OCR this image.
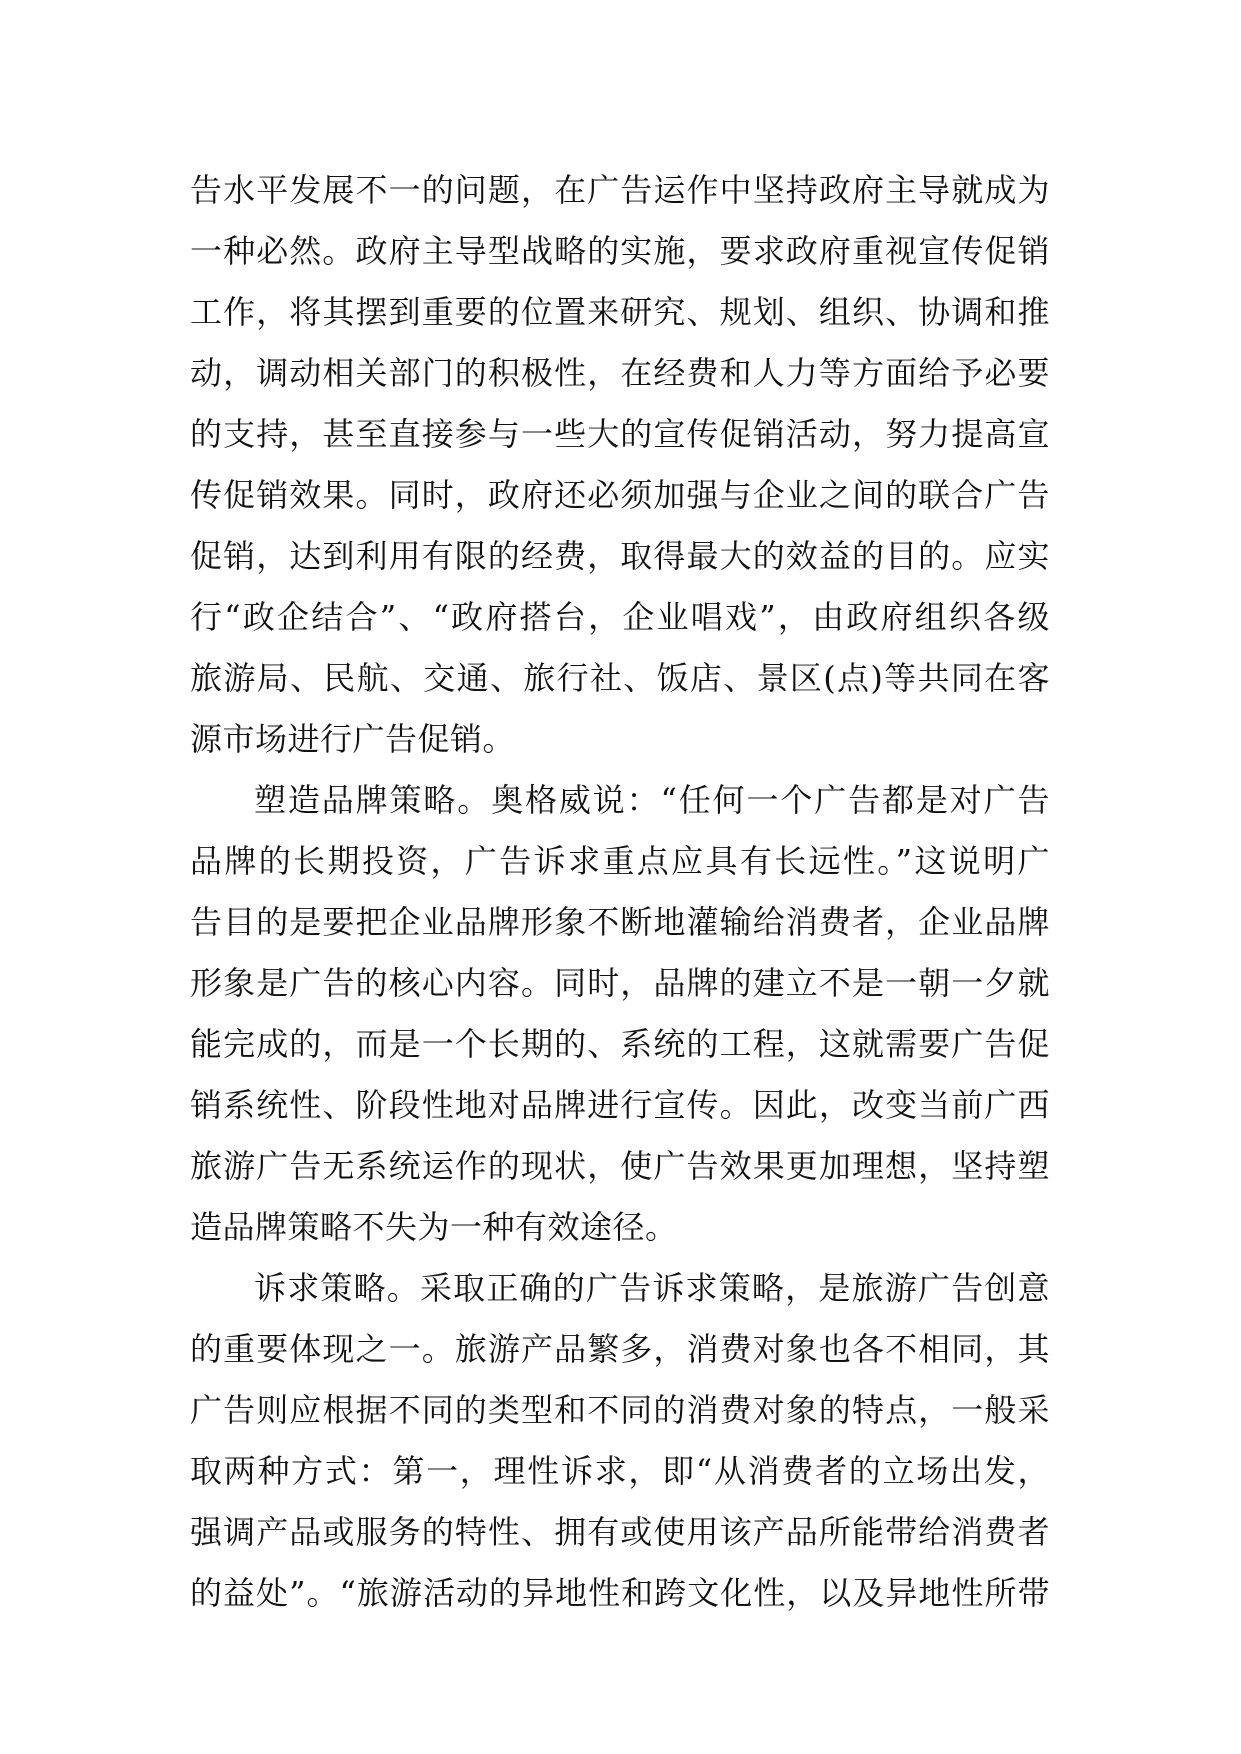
告水平发展不一的问题，在广告运作中坚持政府主导就成为
一种必然。政府主导型战略的实施，要求政府重视宣传促销
工作，将其摆到重要的位置来研究、规划、组织、协调和推
动，调动相关部门的积极性，在经费和人力等方面给予必要
的支持，甚至直接参与一些大的宣传促销活动，努力提高宣
传促销效果。同时，政府还必须加强与企业之间的联合广告
促销，达到利用有限的经费，取得最大的效益的目的。应实
行“政企结合”、“政府搭台，企业唱戏”，由政府组织各级
旅游局、民航、交通、旅行社、饭店、景区(点)等共同在客
源市场进行广告促销。
塑造品牌策略。奥格威说：“任何一个广告都是对广告
品牌的长期投资，广告诉求重点应具有长远性。”这说明广
告目的是要把企业品牌形象不断地灌输给消费者，企业品牌
形象是广告的核心内容。同时，品牌的建立不是一朝一夕就
能完成的，而是一个长期的、系统的工程，这就需要广告促
销系统性、阶段性地对品牌进行宣传。因此，改变当前广西
旅游广告无系统运作的现状，使广告效果更加理想，坚持塑
造品牌策略不失为一种有效途径。
诉求策略。采取正确的广告诉求策略，是旅游广告创意
的重要体现之一。旅游产品繁多，消费对象也各不相同，其
广告则应根据不同的类型和不同的消费对象的特点，一般采
取两种方式：第一，理性诉求，即“从消费者的立场出发，
强调产品或服务的特性、拥有或使用该产品所能带给消费者
的益处”。“旅游活动的异地性和跨文化性，以及异地性所带
